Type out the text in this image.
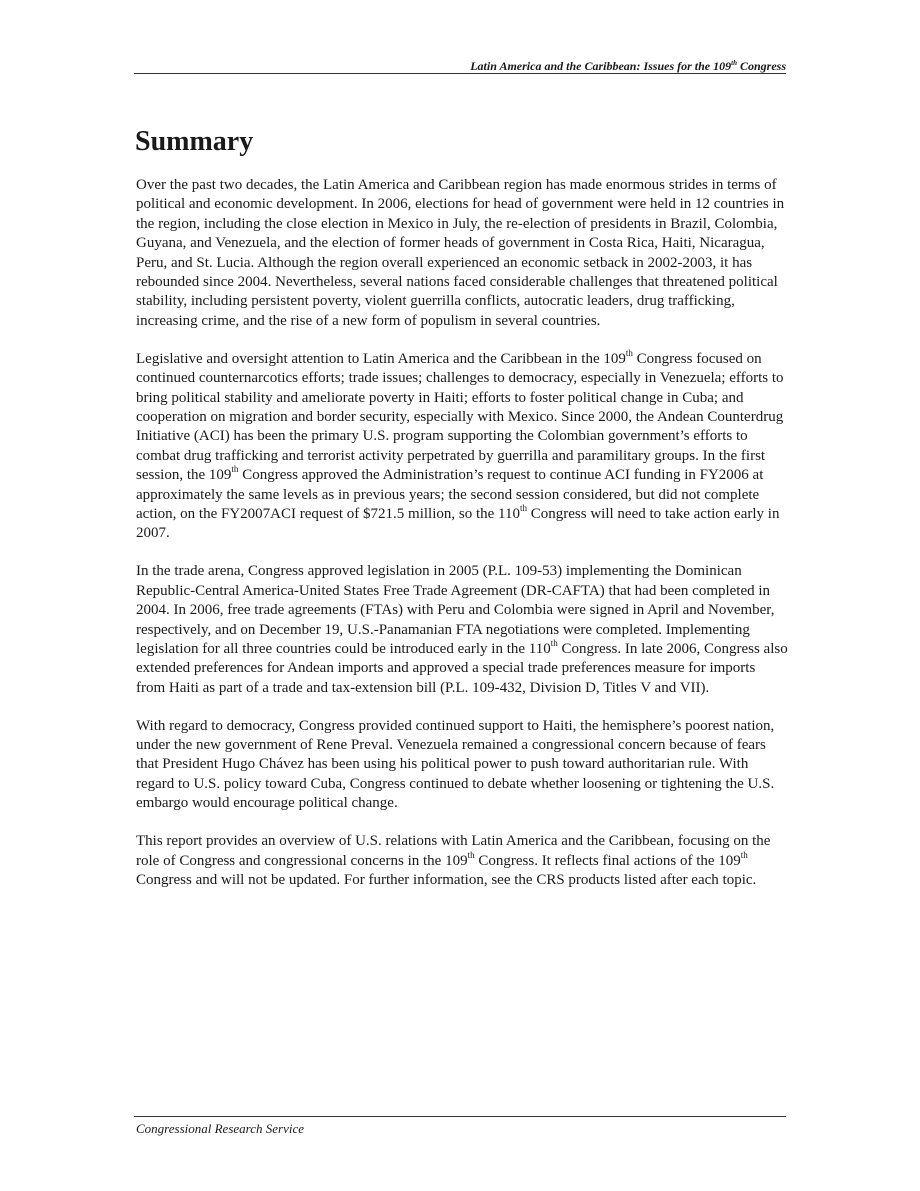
Latin America and the Caribbean: Issues for the 109th Congress
Summary

Over the past two decades, the Latin America and Caribbean region has made enormous strides in terms of political and economic development. In 2006, elections for head of government were held in 12 countries in the region, including the close election in Mexico in July, the re-election of presidents in Brazil, Colombia, Guyana, and Venezuela, and the election of former heads of government in Costa Rica, Haiti, Nicaragua, Peru, and St. Lucia. Although the region overall experienced an economic setback in 2002-2003, it has rebounded since 2004. Nevertheless, several nations faced considerable challenges that threatened political stability, including persistent poverty, violent guerrilla conflicts, autocratic leaders, drug trafficking, increasing crime, and the rise of a new form of populism in several countries.

Legislative and oversight attention to Latin America and the Caribbean in the 109th Congress focused on continued counternarcotics efforts; trade issues; challenges to democracy, especially in Venezuela; efforts to bring political stability and ameliorate poverty in Haiti; efforts to foster political change in Cuba; and cooperation on migration and border security, especially with Mexico. Since 2000, the Andean Counterdrug Initiative (ACI) has been the primary U.S. program supporting the Colombian government’s efforts to combat drug trafficking and terrorist activity perpetrated by guerrilla and paramilitary groups. In the first session, the 109th Congress approved the Administration’s request to continue ACI funding in FY2006 at approximately the same levels as in previous years; the second session considered, but did not complete action, on the FY2007ACI request of $721.5 million, so the 110th Congress will need to take action early in 2007.

In the trade arena, Congress approved legislation in 2005 (P.L. 109-53) implementing the Dominican Republic-Central America-United States Free Trade Agreement (DR-CAFTA) that had been completed in 2004. In 2006, free trade agreements (FTAs) with Peru and Colombia were signed in April and November, respectively, and on December 19, U.S.-Panamanian FTA negotiations were completed. Implementing legislation for all three countries could be introduced early in the 110th Congress. In late 2006, Congress also extended preferences for Andean imports and approved a special trade preferences measure for imports from Haiti as part of a trade and tax-extension bill (P.L. 109-432, Division D, Titles V and VII).

With regard to democracy, Congress provided continued support to Haiti, the hemisphere’s poorest nation, under the new government of Rene Preval. Venezuela remained a congressional concern because of fears that President Hugo Chávez has been using his political power to push toward authoritarian rule. With regard to U.S. policy toward Cuba, Congress continued to debate whether loosening or tightening the U.S. embargo would encourage political change.

This report provides an overview of U.S. relations with Latin America and the Caribbean, focusing on the role of Congress and congressional concerns in the 109th Congress. It reflects final actions of the 109th Congress and will not be updated. For further information, see the CRS products listed after each topic.

Congressional Research Service
